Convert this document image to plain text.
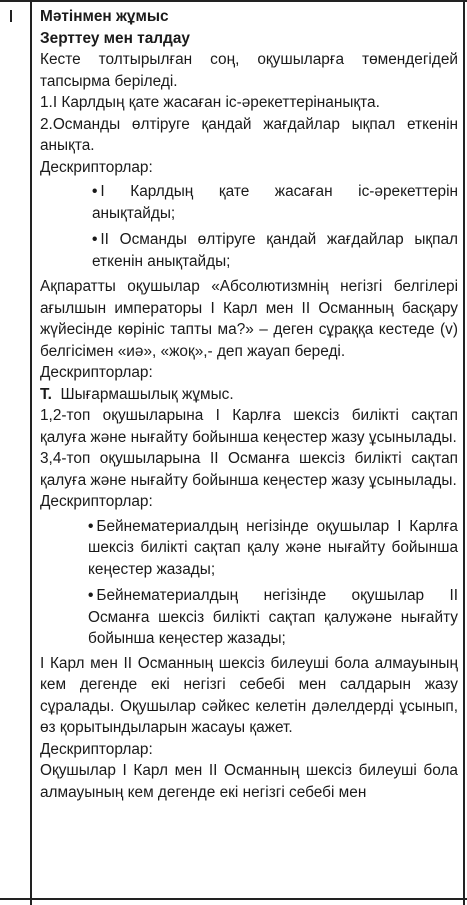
Мәтінмен жұмыс

Зерттеу мен талдау

Кесте толтырылған соң, оқушыларға төмендегідей тапсырма беріледі.

1.І Карлдың қате жасаған іс-әрекеттерінанықта.

2.Османды өлтіруге қандай жағдайлар ықпал еткенін анықта.

Дескрипторлар:

• І Карлдың қате жасаған іс-әрекеттерін анықтайды;
• ІІ Османды өлтіруге қандай жағдайлар ықпал еткенін анықтайды;

Ақпаратты оқушылар «Абсолютизмнің негізгі белгілері ағылшын императоры І Карл мен ІІ Османның басқару жүйесінде көрініс тапты ма?» – деген сұраққа кестеде (v) белгісімен «иә», «жоқ»,- деп жауап береді.

Дескрипторлар:

Т. Шығармашылық жұмыс.

1,2-топ оқушыларына І Карлға шексіз билікті сақтап қалуға және нығайту бойынша кеңестер жазу ұсынылады.

3,4-топ оқушыларына ІІ Османға шексіз билікті сақтап қалуға және нығайту бойынша кеңестер жазу ұсынылады.

Дескрипторлар:

• Бейнематериалдың негізінде оқушылар І Карлға шексіз билікті сақтап қалу және нығайту бойынша кеңестер жазады;
• Бейнематериалдың негізінде оқушылар ІІ Османға шексіз билікті сақтап қалужәне нығайту бойынша кеңестер жазады;

І Карл мен ІІ Османның шексіз билеуші бола алмауының кем дегенде екі негізгі себебі мен салдарын жазу сұралады. Оқушылар сәйкес келетін дәлелдерді ұсынып, өз қорытындыларын жасауы қажет.

Дескрипторлар:

Оқушылар І Карл мен ІІ Османның шексіз билеуші бола алмауының кем дегенде екі негізгі себебі мен
